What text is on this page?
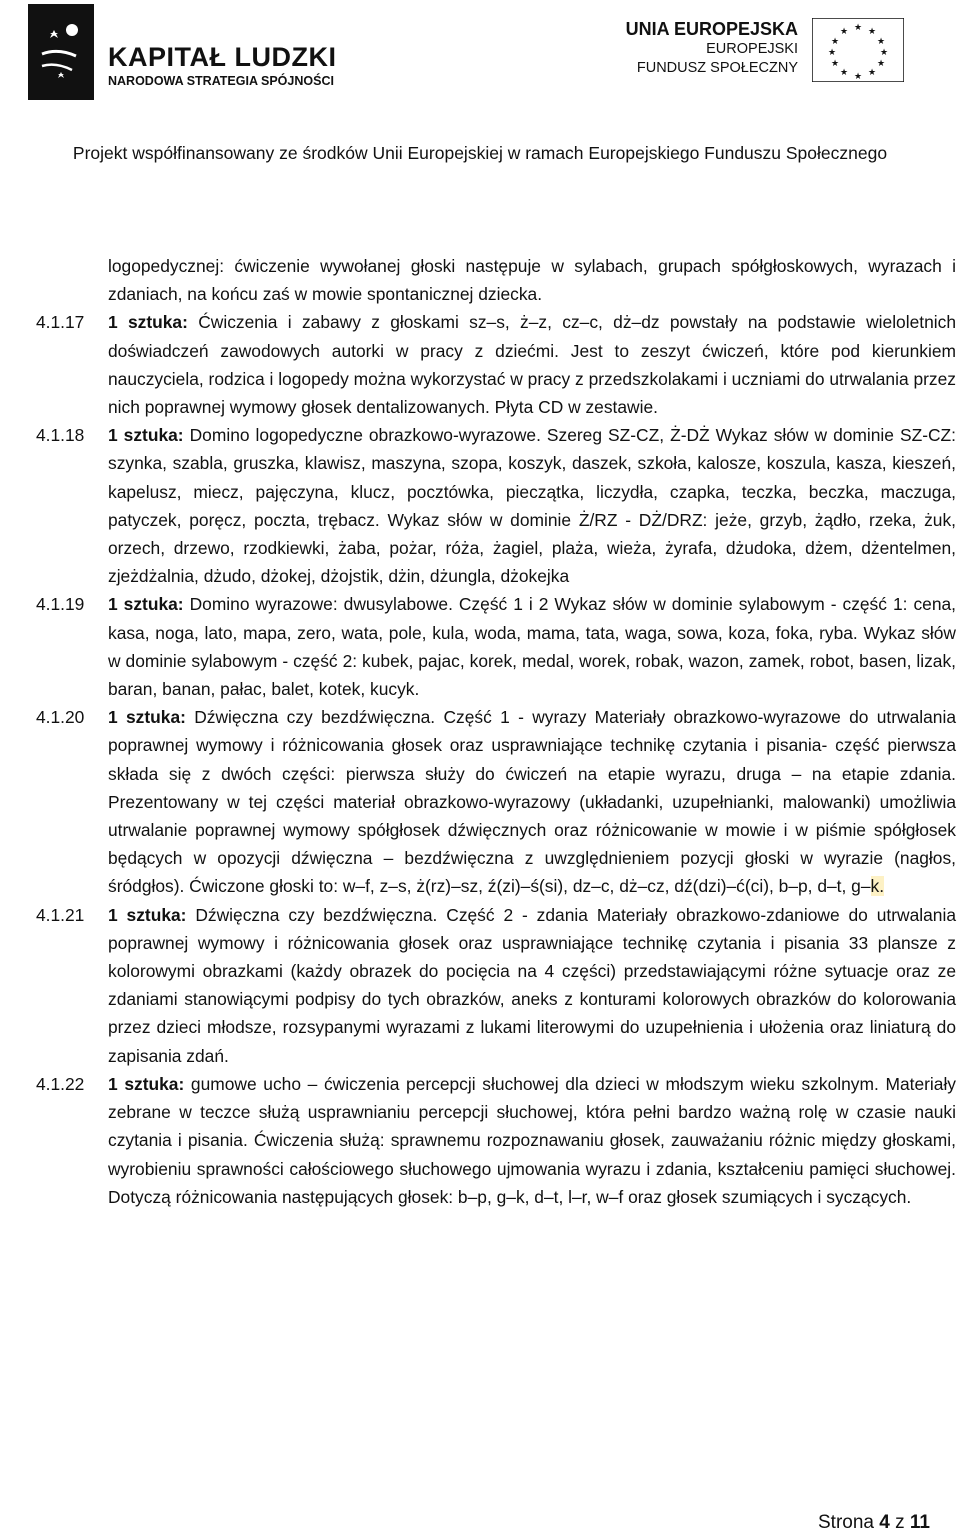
KAPITAŁ LUDZKI
NARODOWA STRATEGIA SPÓJNOŚCI
UNIA EUROPEJSKA
EUROPEJSKI
FUNDUSZ SPOŁECZNY
★ ★
★
★
★
★
★
★
★
★
★
★
Projekt współfinansowany ze środków Unii Europejskiej w ramach Europejskiego Funduszu Społecznego
logopedycznej: ćwiczenie wywołanej głoski następuje w sylabach, grupach spółgłoskowych, wyrazach i zdaniach, na końcu zaś w mowie spontanicznej dziecka.
4.1.17	1 sztuka: Ćwiczenia i zabawy z głoskami sz–s, ż–z, cz–c, dż–dz powstały na podstawie wieloletnich doświadczeń zawodowych autorki w pracy z dziećmi. Jest to zeszyt ćwiczeń, które pod kierunkiem nauczyciela, rodzica i logopedy można wykorzystać w pracy z przedszkolakami i uczniami do utrwalania przez nich poprawnej wymowy głosek dentalizowanych. Płyta CD w zestawie.
4.1.18	1 sztuka: Domino logopedyczne obrazkowo-wyrazowe. Szereg SZ-CZ, Ż-DŻ Wykaz słów w dominie SZ-CZ: szynka, szabla, gruszka, klawisz, maszyna, szopa, koszyk, daszek, szkoła, kalosze, koszula, kasza, kieszeń, kapelusz, miecz, pajęczyna, klucz, pocztówka, pieczątka, liczydła, czapka, teczka, beczka, maczuga, patyczek, poręcz, poczta, trębacz. Wykaz słów w dominie Ż/RZ - DŻ/DRZ: jeże, grzyb, żądło, rzeka, żuk, orzech, drzewo, rzodkiewki, żaba, pożar, róża, żagiel, plaża, wieża, żyrafa, dżudoka, dżem, dżentelmen, zjeżdżalnia, dżudo, dżokej, dżojstik, dżin, dżungla, dżokejka
4.1.19	1 sztuka: Domino wyrazowe: dwusylabowe. Część 1 i 2 Wykaz słów w dominie sylabowym - część 1: cena, kasa, noga, lato, mapa, zero, wata, pole, kula, woda, mama, tata, waga, sowa, koza, foka, ryba. Wykaz słów w dominie sylabowym - część 2: kubek, pajac, korek, medal, worek, robak, wazon, zamek, robot, basen, lizak, baran, banan, pałac, balet, kotek, kucyk.
4.1.20	1 sztuka: Dźwięczna czy bezdźwięczna. Część 1 - wyrazy Materiały obrazkowo-wyrazowe do utrwalania poprawnej wymowy i różnicowania głosek oraz usprawniające technikę czytania i pisania- część pierwsza składa się z dwóch części: pierwsza służy do ćwiczeń na etapie wyrazu, druga – na etapie zdania. Prezentowany w tej części materiał obrazkowo-wyrazowy (układanki, uzupełnianki, malowanki) umożliwia utrwalanie poprawnej wymowy spółgłosek dźwięcznych oraz różnicowanie w mowie i w piśmie spółgłosek będących w opozycji dźwięczna – bezdźwięczna z uwzględnieniem pozycji głoski w wyrazie (nagłos, śródgłos). Ćwiczone głoski to: w–f, z–s, ż(rz)–sz, ź(zi)–ś(si), dz–c, dż–cz, dź(dzi)–ć(ci), b–p, d–t, g–k.
4.1.21	1 sztuka: Dźwięczna czy bezdźwięczna. Część 2 - zdania Materiały obrazkowo-zdaniowe do utrwalania poprawnej wymowy i różnicowania głosek oraz usprawniające technikę czytania i pisania 33 plansze z kolorowymi obrazkami (każdy obrazek do pocięcia na 4 części) przedstawiającymi różne sytuacje oraz ze zdaniami stanowiącymi podpisy do tych obrazków, aneks z konturami kolorowych obrazków do kolorowania przez dzieci młodsze, rozsypanymi wyrazami z lukami literowymi do uzupełnienia i ułożenia oraz liniaturą do zapisania zdań.
4.1.22	1 sztuka: gumowe ucho – ćwiczenia percepcji słuchowej dla dzieci w młodszym wieku szkolnym. Materiały zebrane w teczce służą usprawnianiu percepcji słuchowej, która pełni bardzo ważną rolę w czasie nauki czytania i pisania. Ćwiczenia służą: sprawnemu rozpoznawaniu głosek, zauważaniu różnic między głoskami, wyrobieniu sprawności całościowego słuchowego ujmowania wyrazu i zdania, kształceniu pamięci słuchowej. Dotyczą różnicowania następujących głosek: b–p, g–k, d–t, l–r, w–f oraz głosek szumiących i syczących.
Strona 4 z 11
